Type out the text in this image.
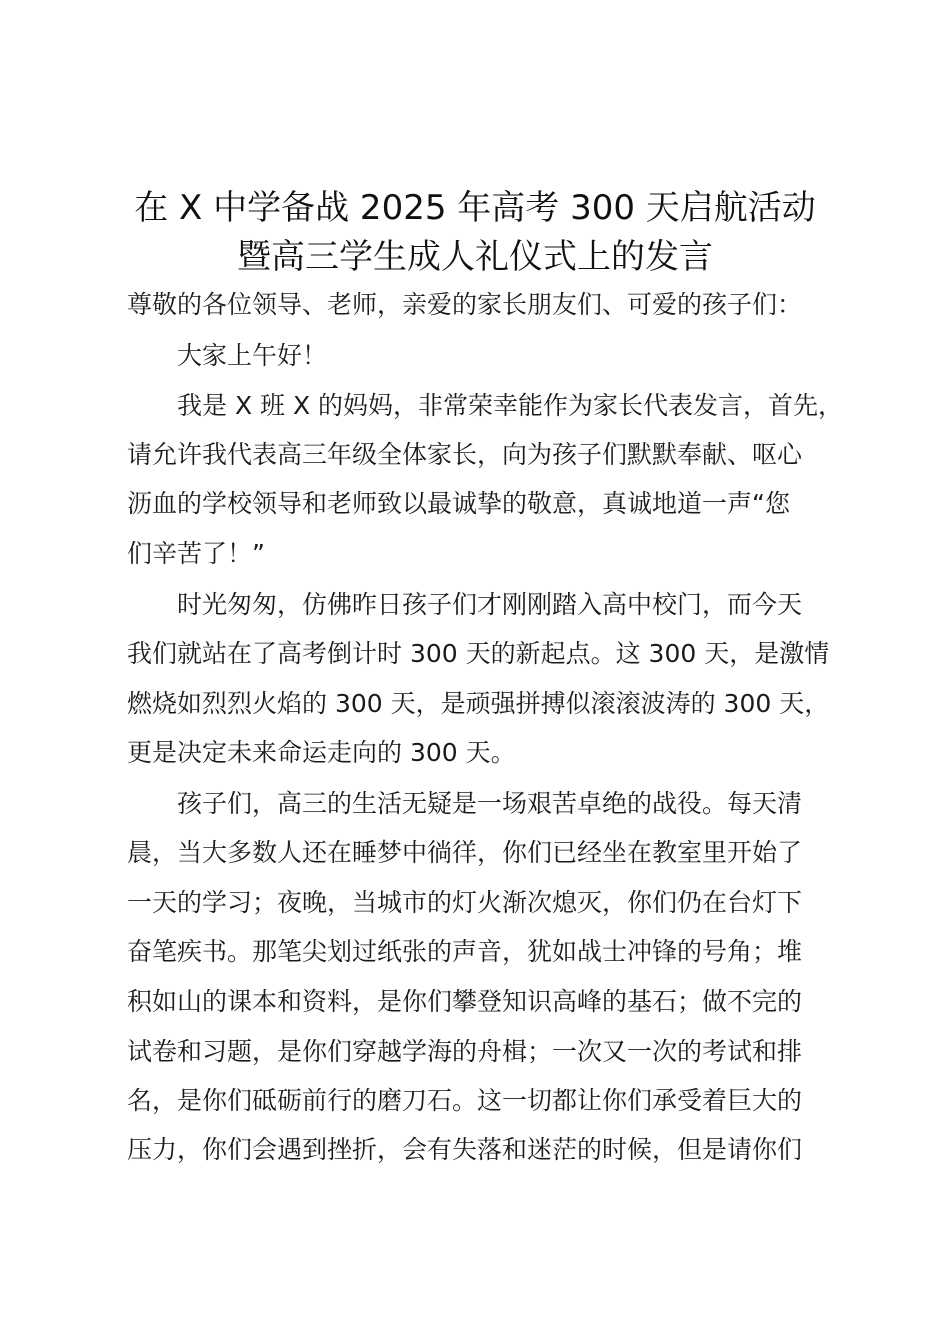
在 X 中学备战 2025 年高考 300 天启航活动
暨高三学生成人礼仪式上的发言
尊敬的各位领导、老师，亲爱的家长朋友们、可爱的孩子们：
　　大家上午好！
　　我是 X 班 X 的妈妈，非常荣幸能作为家长代表发言，首先，
请允许我代表高三年级全体家长，向为孩子们默默奉献、呕心
沥血的学校领导和老师致以最诚挚的敬意，真诚地道一声“您
们辛苦了！”
　　时光匆匆，仿佛昨日孩子们才刚刚踏入高中校门，而今天
我们就站在了高考倒计时 300 天的新起点。这 300 天，是激情
燃烧如烈烈火焰的 300 天，是顽强拼搏似滚滚波涛的 300 天，
更是决定未来命运走向的 300 天。
　　孩子们，高三的生活无疑是一场艰苦卓绝的战役。每天清
晨，当大多数人还在睡梦中徜徉，你们已经坐在教室里开始了
一天的学习；夜晚，当城市的灯火渐次熄灭，你们仍在台灯下
奋笔疾书。那笔尖划过纸张的声音，犹如战士冲锋的号角；堆
积如山的课本和资料，是你们攀登知识高峰的基石；做不完的
试卷和习题，是你们穿越学海的舟楫；一次又一次的考试和排
名，是你们砥砺前行的磨刀石。这一切都让你们承受着巨大的
压力，你们会遇到挫折，会有失落和迷茫的时候，但是请你们
